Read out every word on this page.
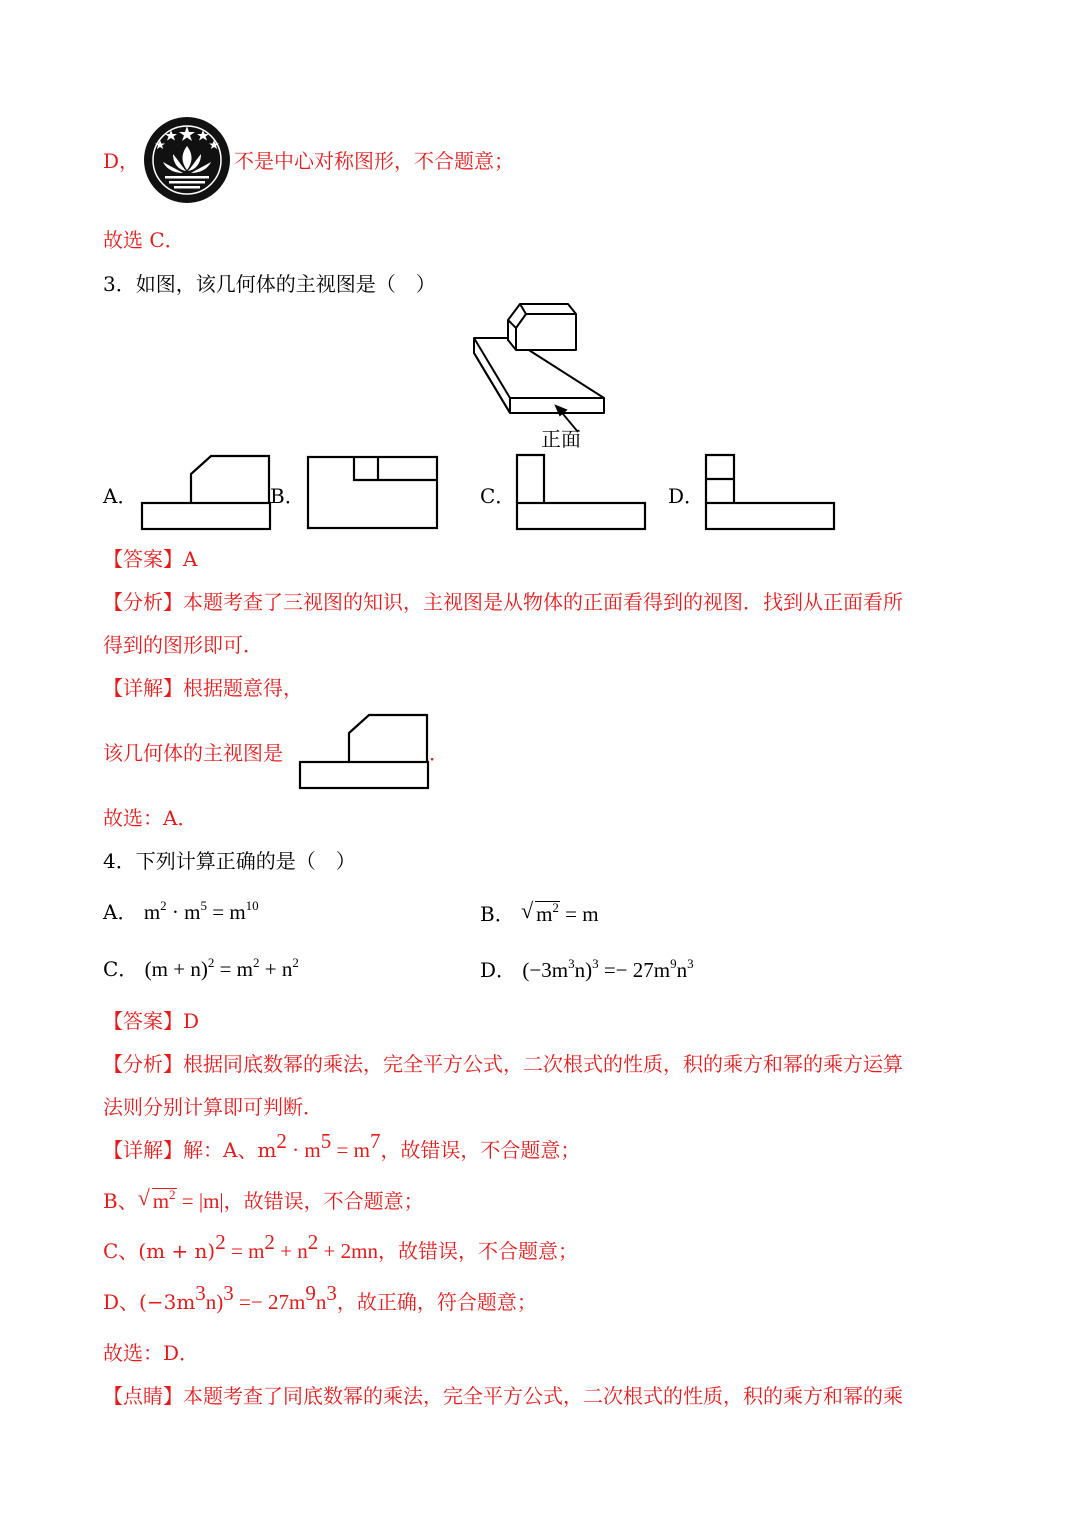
D，	不是中心对称图形，不合题意；
故选 C．
3．如图，该几何体的主视图是（　）
正面
A．	B．	C．	D．
【答案】A
【分析】本题考查了三视图的知识，主视图是从物体的正面看得到的视图．找到从正面看所
得到的图形即可．
【详解】根据题意得，
该几何体的主视图是	．
故选：A．
4．下列计算正确的是（　）
A． $m^2 \cdot m^5 = m^{10}$	B． √ $m^2 = m$
C． $(m + n)^2 = m^2 + n^2$	D． $(-3m^3n)^3 =- 27m^9n^3$
【答案】D
【分析】根据同底数幂的乘法，完全平方公式，二次根式的性质，积的乘方和幂的乘方运算
法则分别计算即可判断．
【详解】解：A、$m^2 \cdot m^5 = m^7$，故错误，不合题意；
B、 √ $m^2 = |m|$，故错误，不合题意；
C、$(m + n)^2 = m^2 + n^2 + 2mn$，故错误，不合题意；
D、$(-3m^3n)^3 =- 27m^9n^3$，故正确，符合题意；
故选：D．
【点睛】本题考查了同底数幂的乘法，完全平方公式，二次根式的性质，积的乘方和幂的乘
